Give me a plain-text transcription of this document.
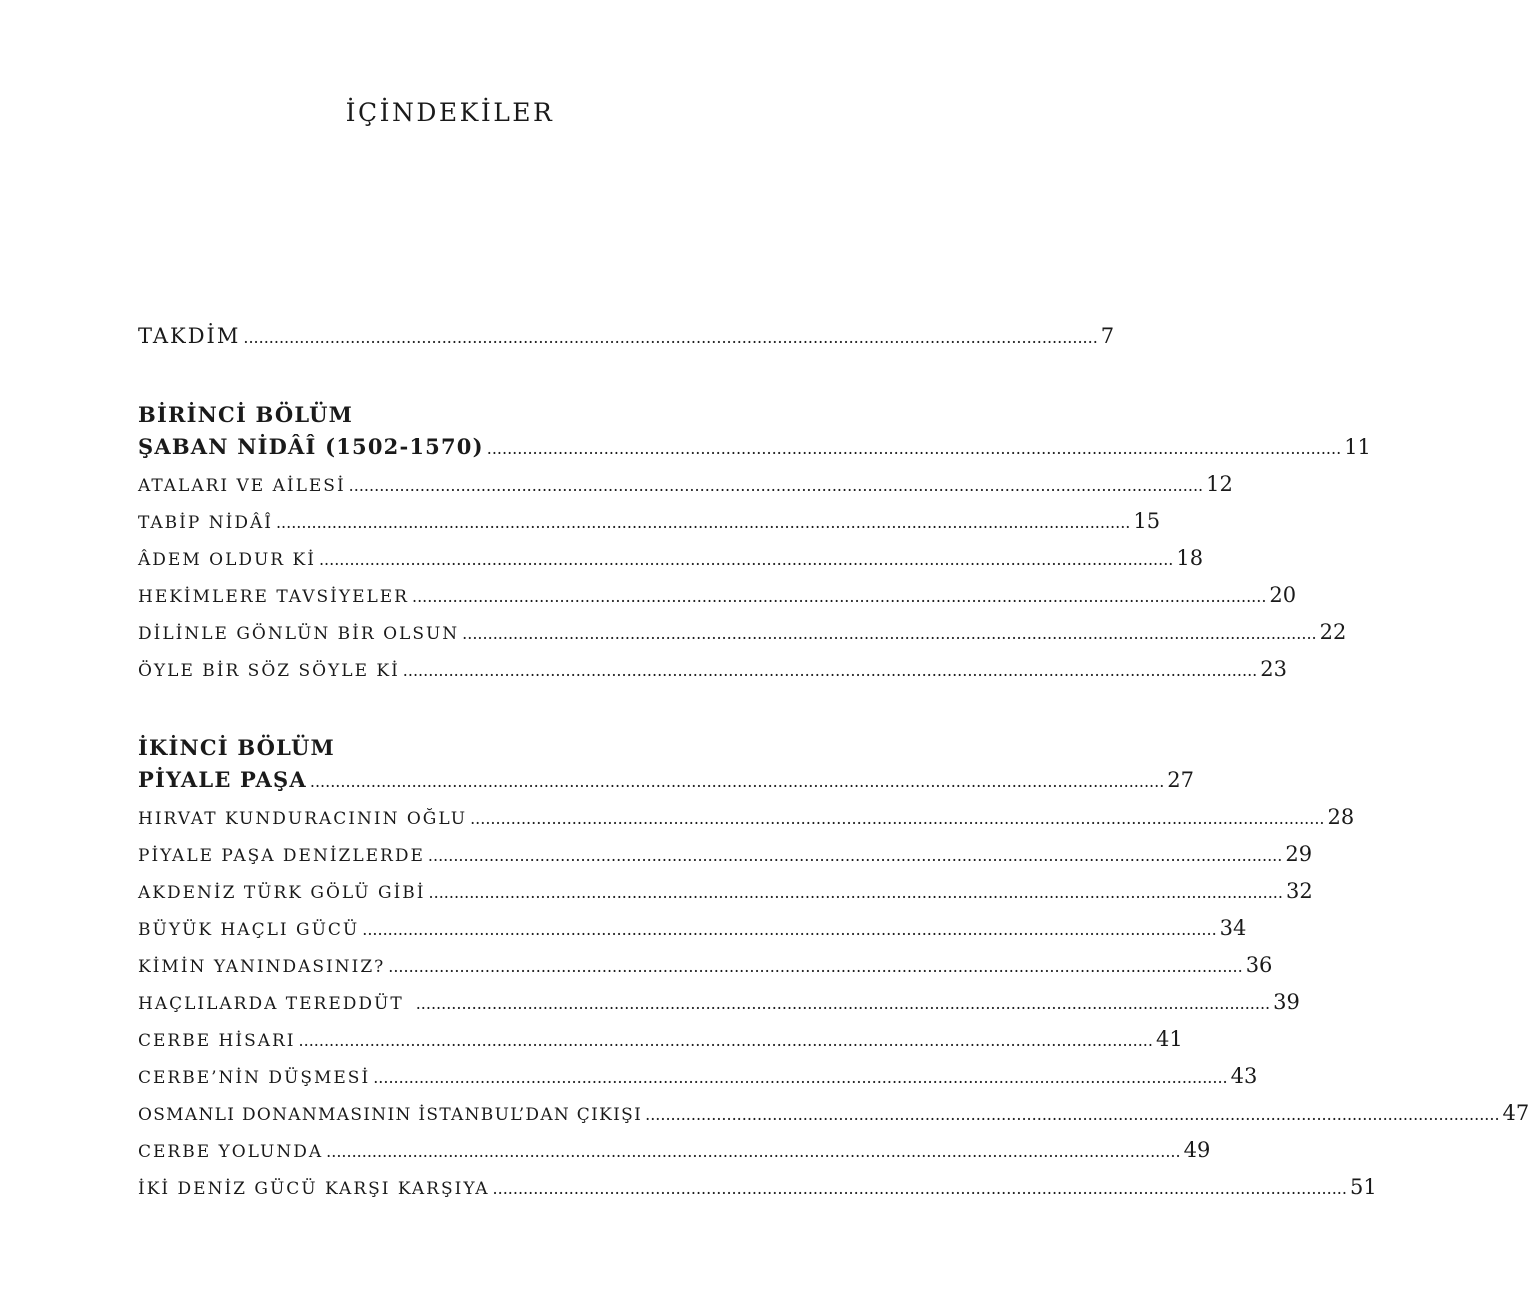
İÇİNDEKİLER
TAKDİM ........................................................................................................................................................................ 7
BİRİNCİ BÖLÜM
ŞABAN NİDÂÎ (1502-1570) ........................................................................................................................................................................ 11
ATALARI VE AİLESİ ........................................................................................................................................................................ 12
TABİP NİDÂÎ ........................................................................................................................................................................ 15
ÂDEM OLDUR Kİ ........................................................................................................................................................................ 18
HEKİMLERE TAVSİYELER ........................................................................................................................................................................ 20
DİLİNLE GÖNLÜN BİR OLSUN ........................................................................................................................................................................ 22
ÖYLE BİR SÖZ SÖYLE Kİ ........................................................................................................................................................................ 23
İKİNCİ BÖLÜM
PİYALE PAŞA ........................................................................................................................................................................ 27
HIRVAT KUNDURACININ OĞLU ........................................................................................................................................................................ 28
PİYALE PAŞA DENİZLERDE ........................................................................................................................................................................ 29
AKDENİZ TÜRK GÖLÜ GİBİ ........................................................................................................................................................................ 32
BÜYÜK HAÇLI GÜCÜ ........................................................................................................................................................................ 34
KİMİN YANINDASINIZ? ........................................................................................................................................................................ 36
HAÇLILARDA TEREDDÜT ........................................................................................................................................................................ 39
CERBE HİSARI ........................................................................................................................................................................ 41
CERBE’NİN DÜŞMESİ ........................................................................................................................................................................ 43
OSMANLI DONANMASININ İSTANBUL’DAN ÇIKIŞI ........................................................................................................................................................................ 47
CERBE YOLUNDA ........................................................................................................................................................................ 49
İKİ DENİZ GÜCÜ KARŞI KARŞIYA ........................................................................................................................................................................ 51
